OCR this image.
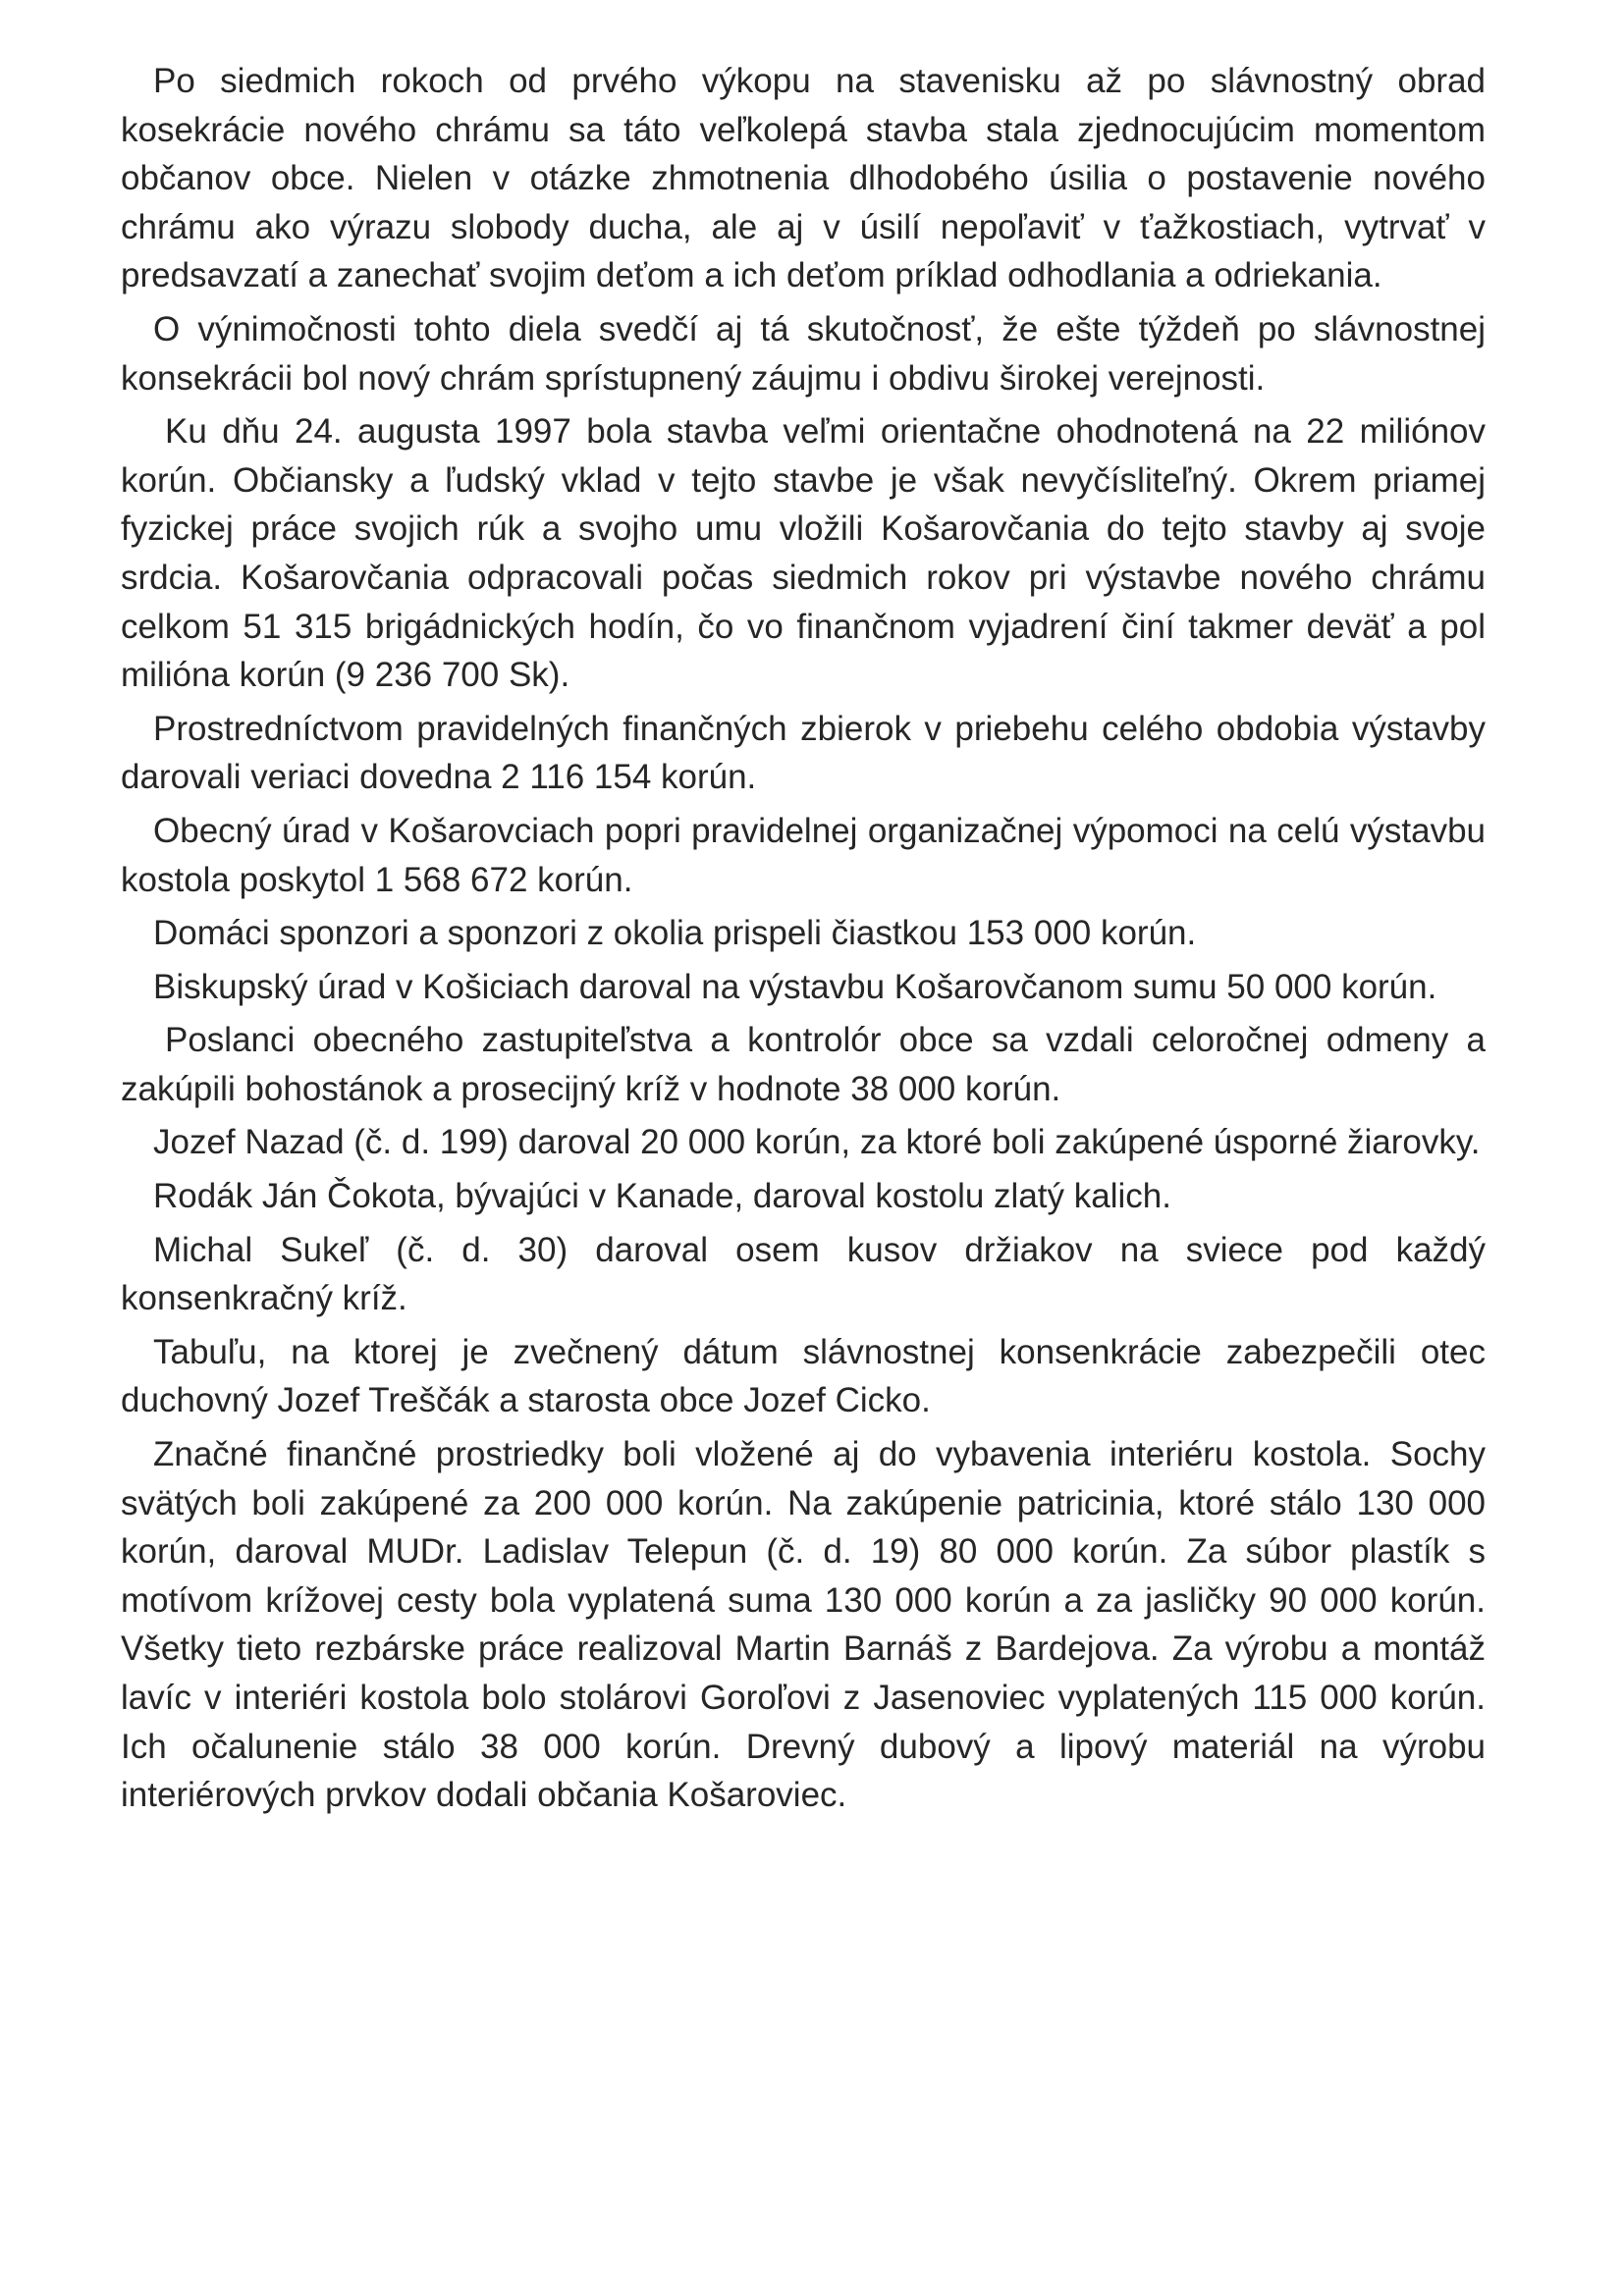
Po siedmich rokoch od prvého výkopu na stavenisku až po slávnostný obrad kosekrácie nového chrámu sa táto veľkolepá stavba stala zjednocujúcim momentom občanov obce. Nielen v otázke zhmotnenia dlhodobého úsilia o postavenie nového chrámu ako výrazu slobody ducha, ale aj v úsilí nepoľaviť v ťažkostiach, vytrvať v predsavzatí a zanechať svojim deťom a ich deťom príklad odhodlania a odriekania.

O výnimočnosti tohto diela svedčí aj tá skutočnosť, že ešte týždeň po slávnostnej konsekrácii bol nový chrám sprístupnený záujmu i obdivu širokej verejnosti.

Ku dňu 24. augusta 1997 bola stavba veľmi orientačne ohodnotená na 22 miliónov korún. Občiansky a ľudský vklad v tejto stavbe je však nevyčísliteľný. Okrem priamej fyzickej práce svojich rúk a svojho umu vložili Košarovčania do tejto stavby aj svoje srdcia. Košarovčania odpracovali počas siedmich rokov pri výstavbe nového chrámu celkom 51 315 brigádnických hodín, čo vo finančnom vyjadrení činí takmer deväť a pol milióna korún (9 236 700 Sk).

Prostredníctvom pravidelných finančných zbierok v priebehu celého obdobia výstavby darovali veriaci dovedna 2 116 154 korún.

Obecný úrad v Košarovciach popri pravidelnej organizačnej výpomoci na celú výstavbu kostola poskytol 1 568 672 korún.

Domáci sponzori a sponzori z okolia prispeli čiastkou 153 000 korún.

Biskupský úrad v Košiciach daroval na výstavbu Košarovčanom sumu 50 000 korún.

Poslanci obecného zastupiteľstva a kontrolór obce sa vzdali celoročnej odmeny a zakúpili bohostánok a prosecijný kríž v hodnote 38 000 korún.

Jozef Nazad (č. d. 199) daroval 20 000 korún, za ktoré boli zakúpené úsporné žiarovky.

Rodák Ján Čokota, bývajúci v Kanade, daroval kostolu zlatý kalich.

Michal Sukeľ (č. d. 30) daroval osem kusov držiakov na sviece pod každý konsenkračný kríž.

Tabuľu, na ktorej je zvečnený dátum slávnostnej konsenkrácie zabezpečili otec duchovný Jozef Treščák a starosta obce Jozef Cicko.

Značné finančné prostriedky boli vložené aj do vybavenia interiéru kostola. Sochy svätých boli zakúpené za 200 000 korún. Na zakúpenie patricinia, ktoré stálo 130 000 korún, daroval MUDr. Ladislav Telepun (č. d. 19) 80 000 korún. Za súbor plastík s motívom krížovej cesty bola vyplatená suma 130 000 korún a za jasličky 90 000 korún. Všetky tieto rezbárske práce realizoval Martin Barnáš z Bardejova. Za výrobu a montáž lavíc v interiéri kostola bolo stolárovi Goroľovi z Jasenoviec vyplatených 115 000 korún. Ich očalunenie stálo 38 000 korún. Drevný dubový a lipový materiál na výrobu interiérových prvkov dodali občania Košaroviec.
